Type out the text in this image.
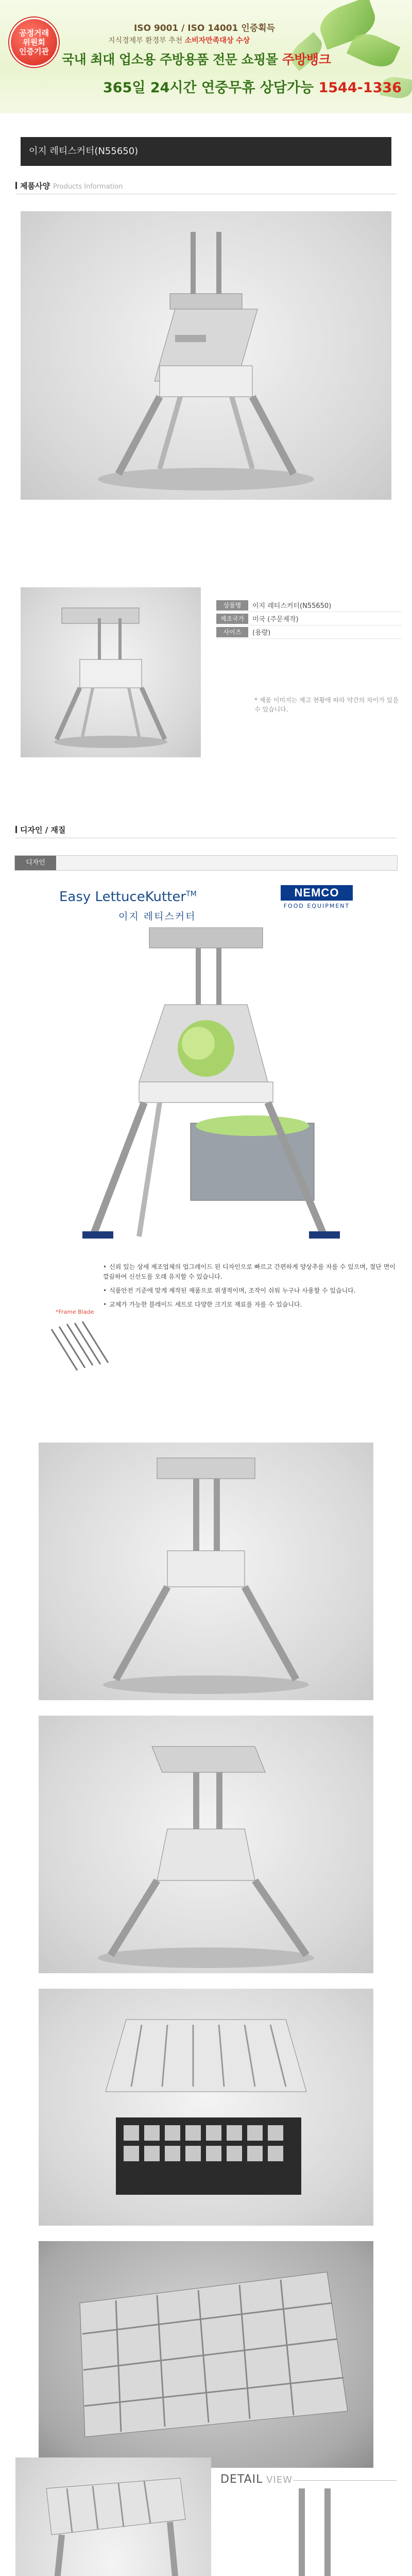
공정거래
위원회
인증기관
ISO 9001 / ISO 14001 인증획득
지식경제부 환경부 추천 소비자만족대상 수상
국내 최대 업소용 주방용품 전문 쇼핑몰 주방뱅크
365일 24시간 연중무휴 상담가능 1544-1336
이지 레티스커터(N55650)
제품사양 Products Information
상품명	이지 레티스커터(N55650)
제조국가	미국 (주문제작)
사이즈	(용량)
* 제품 이미지는 재고 현황에 따라 약간의 차이가 있을 수 있습니다.
디자인 / 재질
디자인
Easy LettuceKutter™
이지 레티스커터
NEMCO
FOOD EQUIPMENT
• 신뢰 있는 상세 제조업체의 업그레이드 된 디자인으로 빠르고 간편하게 양상추를 자를 수 있으며, 절단 면이 깔끔하여 신선도를 오래 유지할 수 있습니다.
• 식품안전 기준에 맞게 제작된 제품으로 위생적이며, 조작이 쉬워 누구나 사용할 수 있습니다.
• 교체가 가능한 블레이드 세트로 다양한 크기로 재료를 자를 수 있습니다.
*Frame Blade
DETAIL VIEW
